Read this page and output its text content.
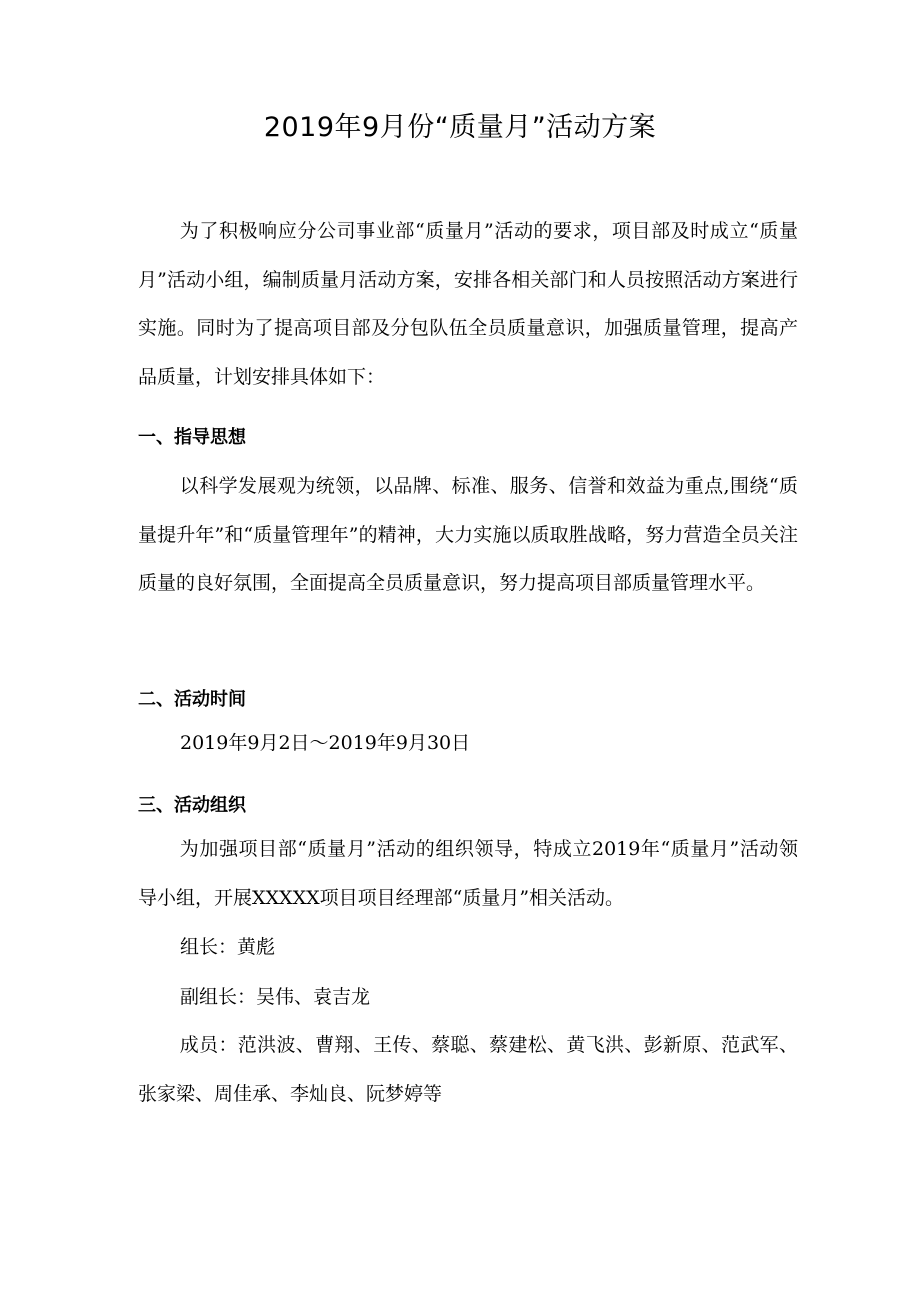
2019年9月份“质量月”活动方案

为了积极响应分公司事业部“质量月”活动的要求，项目部及时成立“质量月”活动小组，编制质量月活动方案，安排各相关部门和人员按照活动方案进行实施。同时为了提高项目部及分包队伍全员质量意识，加强质量管理，提高产品质量，计划安排具体如下：

一、指导思想

以科学发展观为统领，以品牌、标准、服务、信誉和效益为重点,围绕“质量提升年”和“质量管理年”的精神，大力实施以质取胜战略，努力营造全员关注质量的良好氛围，全面提高全员质量意识，努力提高项目部质量管理水平。

二、活动时间
2019年9月2日～2019年9月30日
三、活动组织

为加强项目部“质量月”活动的组织领导，特成立2019年“质量月”活动领导小组，开展XXXXX项目项目经理部“质量月”相关活动。

组长：黄彪
副组长：吴伟、袁吉龙

成员：范洪波、曹翔、王传、蔡聪、蔡建松、黄飞洪、彭新原、范武军、张家梁、周佳承、李灿良、阮梦婷等
